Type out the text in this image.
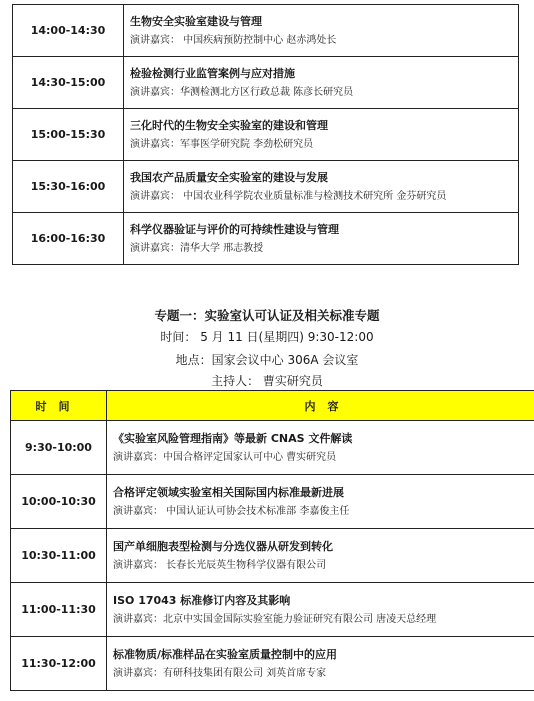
14:00-14:30	生物安全实验室建设与管理
演讲嘉宾： 中国疾病预防控制中心 赵赤鸿处长

14:30-15:00	检验检测行业监管案例与应对措施
演讲嘉宾：华测检测北方区行政总裁 陈彦长研究员

15:00-15:30	三化时代的生物安全实验室的建设和管理
演讲嘉宾：军事医学研究院 李劲松研究员

15:30-16:00	我国农产品质量安全实验室的建设与发展
演讲嘉宾： 中国农业科学院农业质量标准与检测技术研究所 金芬研究员

16:00-16:30	科学仪器验证与评价的可持续性建设与管理
演讲嘉宾：清华大学 邢志教授
专题一：实验室认可认证及相关标准专题
时间： 5 月 11 日(星期四) 9:30-12:00
地点：国家会议中心 306A 会议室
主持人： 曹实研究员
时间	内容
9:30-10:00	《实验室风险管理指南》等最新 CNAS 文件解读
演讲嘉宾：中国合格评定国家认可中心 曹实研究员

10:00-10:30	合格评定领域实验室相关国际国内标准最新进展
演讲嘉宾： 中国认证认可协会技术标准部 李嘉俊主任

10:30-11:00	国产单细胞表型检测与分选仪器从研发到转化
演讲嘉宾： 长春长光辰英生物科学仪器有限公司

11:00-11:30	ISO 17043 标准修订内容及其影响
演讲嘉宾：北京中实国金国际实验室能力验证研究有限公司 唐凌天总经理

11:30-12:00	标准物质/标准样品在实验室质量控制中的应用
演讲嘉宾：有研科技集团有限公司 刘英首席专家
